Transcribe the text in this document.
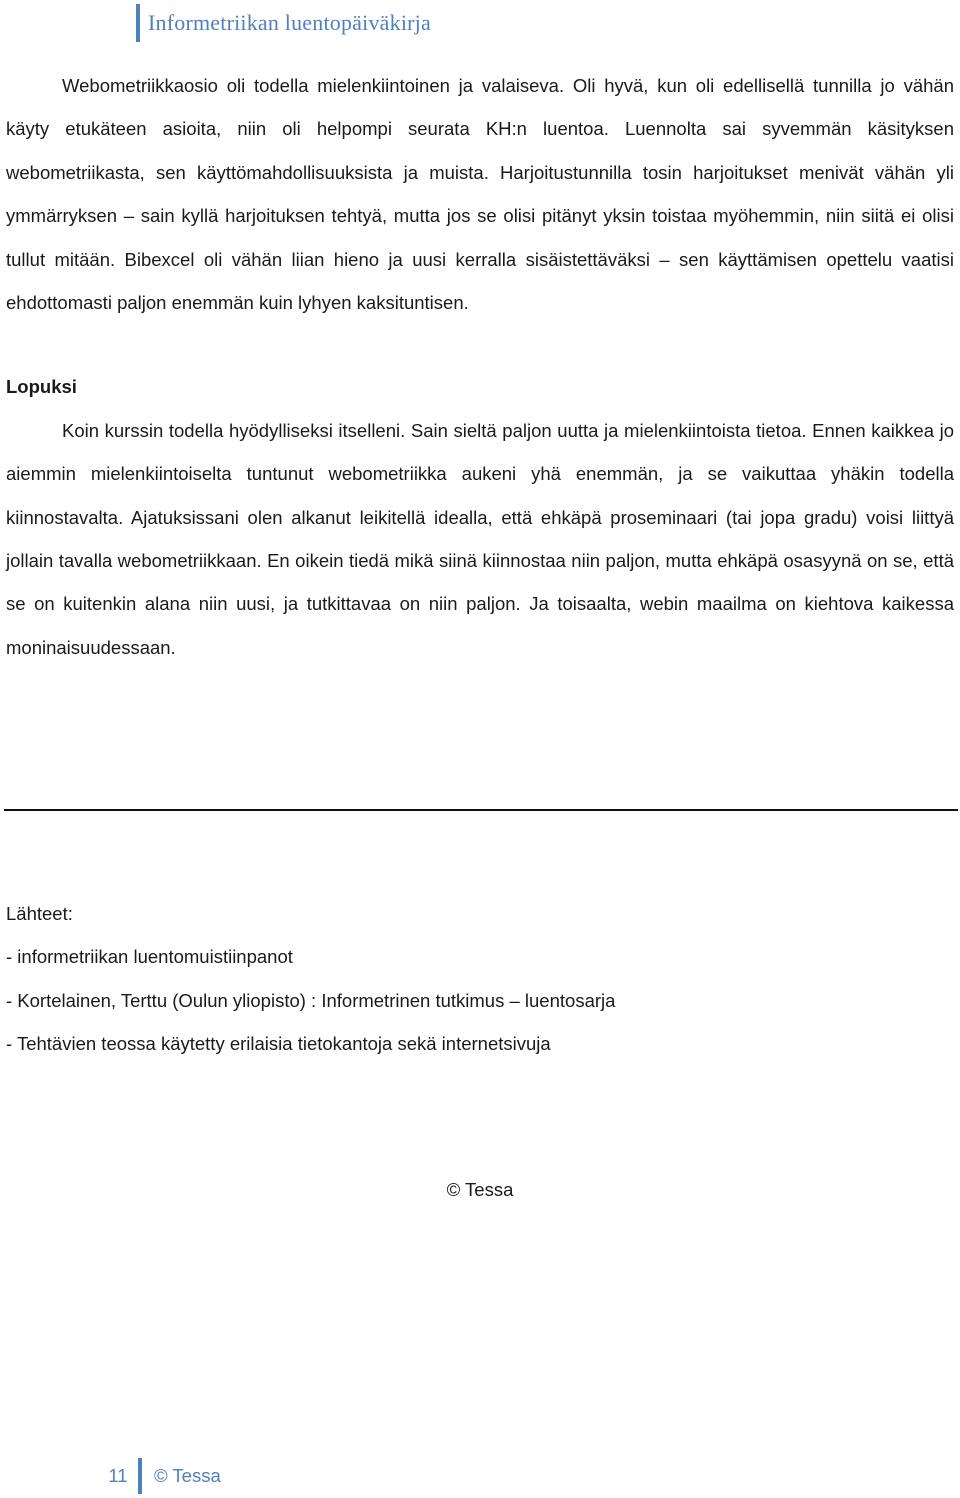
Informetriikan luentopäiväkirja

Webometriikkaosio oli todella mielenkiintoinen ja valaiseva. Oli hyvä, kun oli edellisellä tunnilla jo vähän käyty etukäteen asioita, niin oli helpompi seurata KH:n luentoa. Luennolta sai syvemmän käsityksen webometriikasta, sen käyttömahdollisuuksista ja muista. Harjoitustunnilla tosin harjoitukset menivät vähän yli ymmärryksen – sain kyllä harjoituksen tehtyä, mutta jos se olisi pitänyt yksin toistaa myöhemmin, niin siitä ei olisi tullut mitään. Bibexcel oli vähän liian hieno ja uusi kerralla sisäistettäväksi – sen käyttämisen opettelu vaatisi ehdottomasti paljon enemmän kuin lyhyen kaksituntisen.

Lopuksi

Koin kurssin todella hyödylliseksi itselleni. Sain sieltä paljon uutta ja mielenkiintoista tietoa. Ennen kaikkea jo aiemmin mielenkiintoiselta tuntunut webometriikka aukeni yhä enemmän, ja se vaikuttaa yhäkin todella kiinnostavalta. Ajatuksissani olen alkanut leikitellä idealla, että ehkäpä proseminaari (tai jopa gradu) voisi liittyä jollain tavalla webometriikkaan. En oikein tiedä mikä siinä kiinnostaa niin paljon, mutta ehkäpä osasyynä on se, että se on kuitenkin alana niin uusi, ja tutkittavaa on niin paljon. Ja toisaalta, webin maailma on kiehtova kaikessa moninaisuudessaan.

Lähteet:

- informetriikan luentomuistiinpanot

- Kortelainen, Terttu (Oulun yliopisto) : Informetrinen tutkimus – luentosarja

- Tehtävien teossa käytetty erilaisia tietokantoja sekä internetsivuja

© Tessa
11	© Tessa
